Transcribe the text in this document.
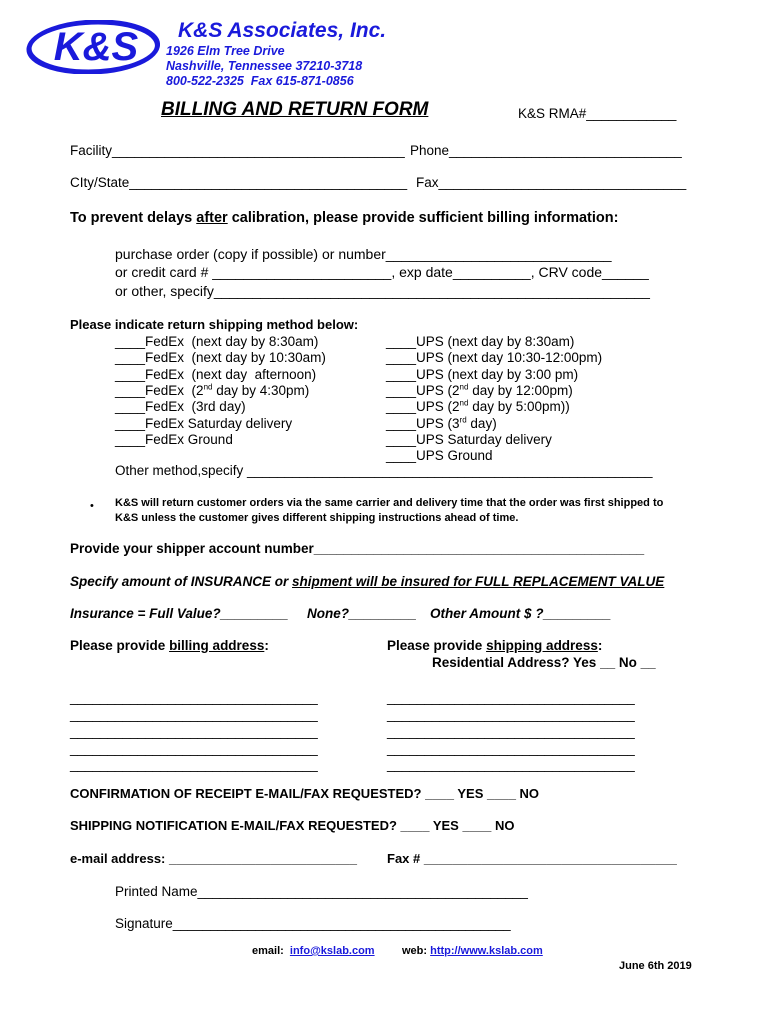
K&S K&S Associates, Inc.
1926 Elm Tree Drive
Nashville, Tennessee 37210-3718
800-522-2325  Fax 615-871-0856
BILLING AND RETURN FORM	K&S RMA#____________
Facility_______________________________________ Phone_______________________________
CIty/State_____________________________________ Fax_________________________________
To prevent delays after calibration, please provide sufficient billing information:
purchase order (copy if possible) or number_____________________________
or credit card # _______________________, exp date__________, CRV code______
or other, specify________________________________________________________
Please indicate return shipping method below:
____FedEx  (next day by 8:30am)
____FedEx  (next day by 10:30am)
____FedEx  (next day  afternoon)
____FedEx  (2nd day by 4:30pm)
____FedEx  (3rd day)
____FedEx Saturday delivery
____FedEx Ground
____UPS (next day by 8:30am)
____UPS (next day 10:30-12:00pm)
____UPS (next day by 3:00 pm)
____UPS (2nd day by 12:00pm)
____UPS (2nd day by 5:00pm))
____UPS (3rd day)
____UPS Saturday delivery
____UPS Ground
Other method,specify ______________________________________________________
• K&S will return customer orders via the same carrier and delivery time that the order was first shipped to
K&S unless the customer gives different shipping instructions ahead of time.
Provide your shipper account number____________________________________________
Specify amount of INSURANCE or shipment will be insured for FULL REPLACEMENT VALUE
Insurance = Full Value?_________ None?_________ Other Amount $ ?_________
Please provide billing address:	Please provide shipping address:
Residential Address? Yes __ No __
_________________________________
_________________________________
_________________________________
_________________________________
_________________________________
_________________________________
_________________________________
_________________________________
_________________________________
_________________________________
CONFIRMATION OF RECEIPT E-MAIL/FAX REQUESTED? ____ YES ____ NO
SHIPPING NOTIFICATION E-MAIL/FAX REQUESTED? ____ YES ____ NO
e-mail address: __________________________ Fax # ___________________________________
Printed Name____________________________________________
Signature_____________________________________________
email:  info@kslab.com web: http://www.kslab.com
June 6th 2019
